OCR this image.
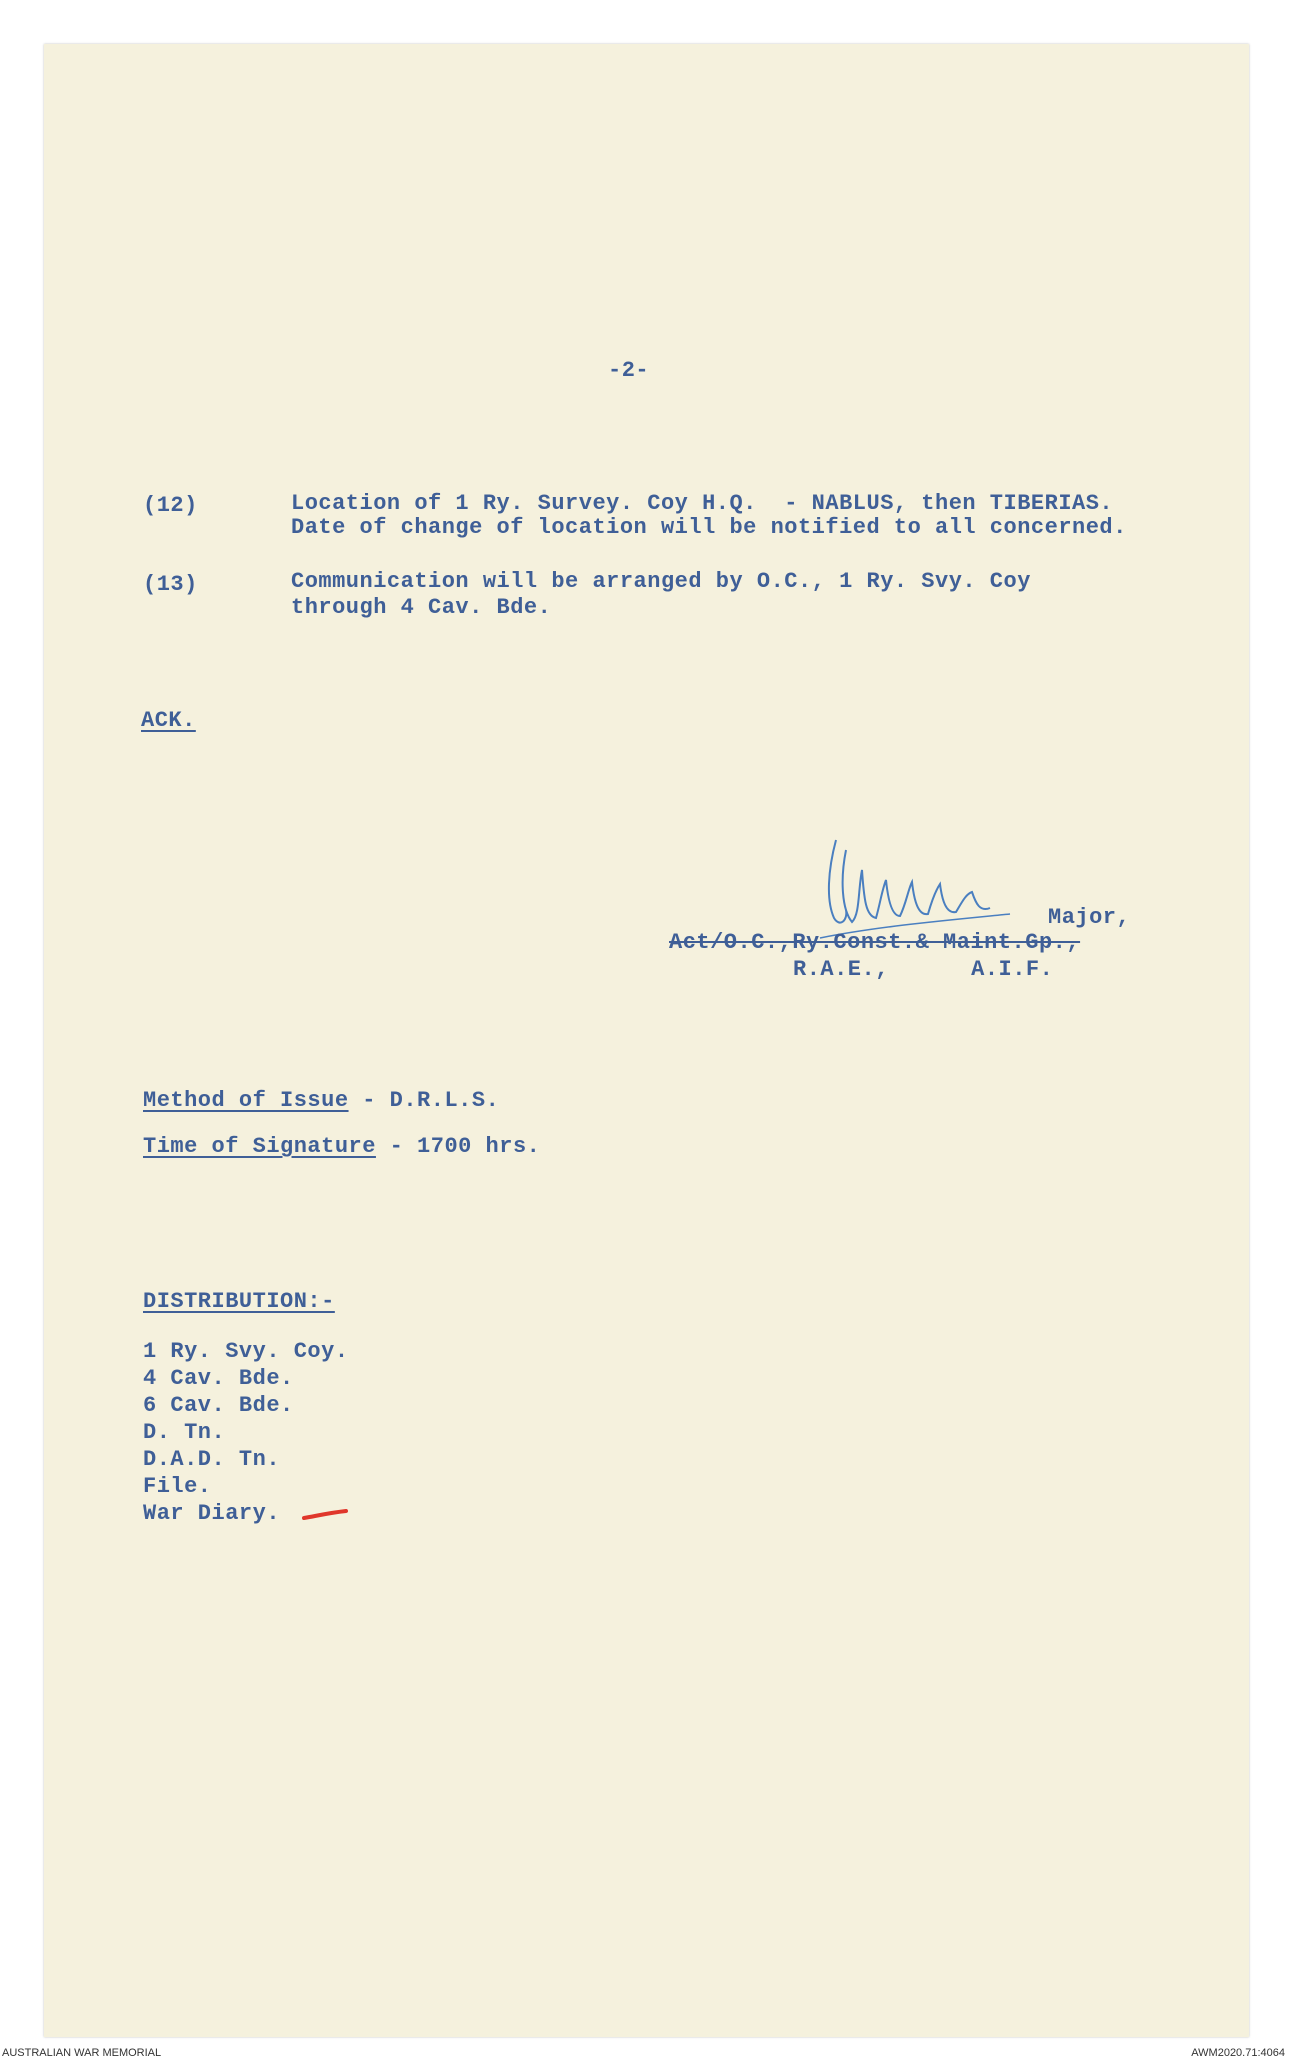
-2-
(12)	Location of 1 Ry. Survey. Coy H.Q.  - NABLUS, then TIBERIAS.
Date of change of location will be notified to all concerned.
(13)	Communication will be arranged by O.C., 1 Ry. Svy. Coy
through 4 Cav. Bde.
ACK.
Major,
Act/O.C.,Ry.Const.& Maint.Gp.,
R.A.E.,      A.I.F.
Method of Issue - D.R.L.S.
Time of Signature - 1700 hrs.
DISTRIBUTION:-
1 Ry. Svy. Coy.
4 Cav. Bde.
6 Cav. Bde.
D. Tn.
D.A.D. Tn.
File.
War Diary.
AUSTRALIAN WAR MEMORIAL	AWM2020.71:4064
